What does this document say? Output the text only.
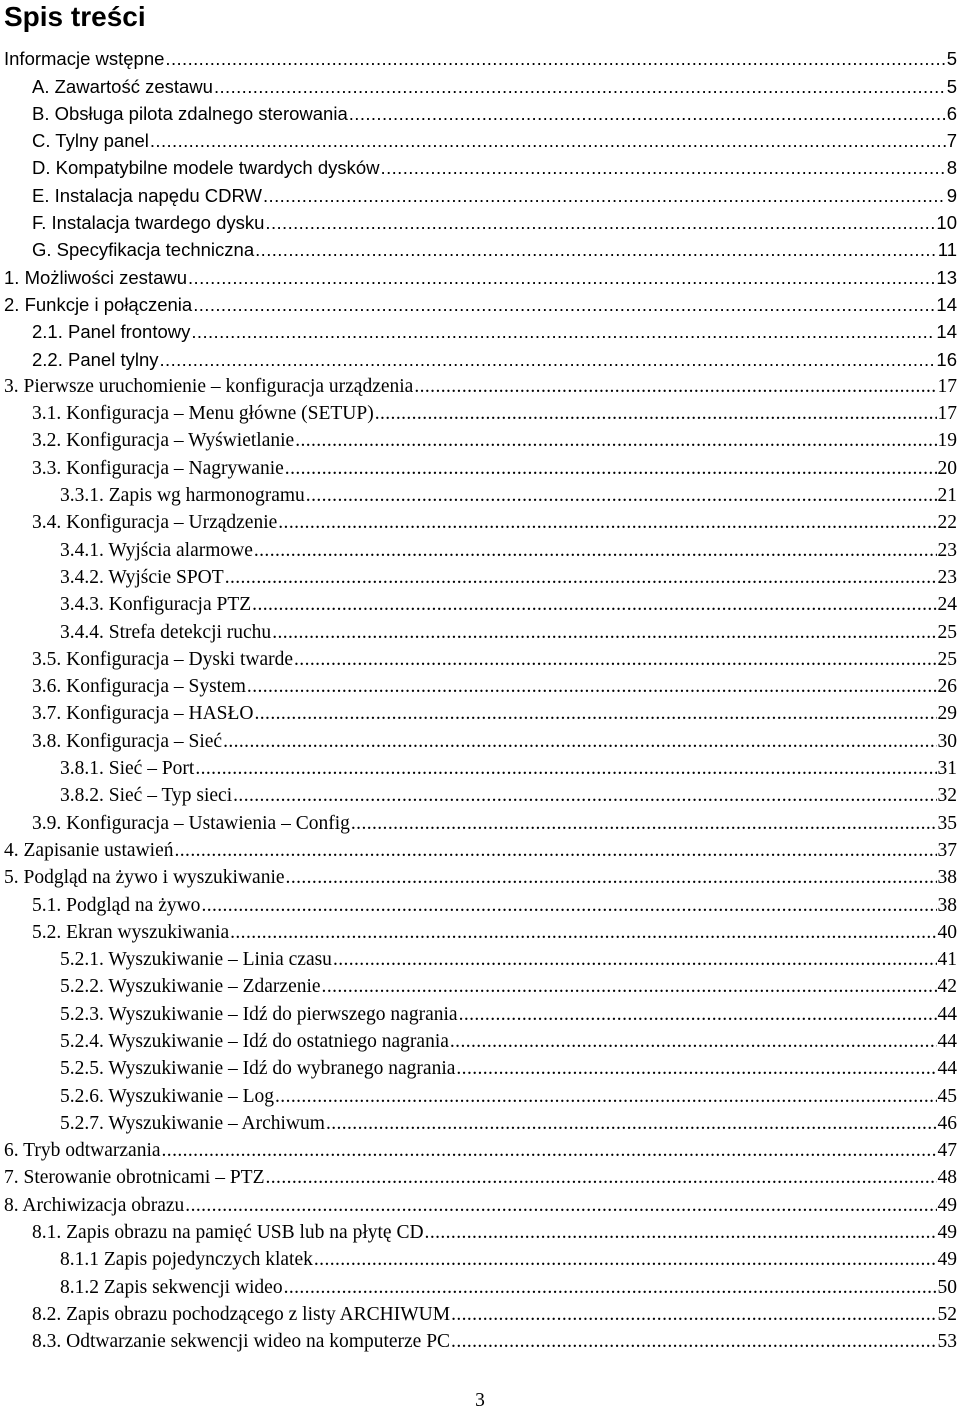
Spis treści
Informacje wstępne .....	5
A. Zawartość zestawu .....	5
B. Obsługa pilota zdalnego sterowania .....	6
C. Tylny panel .....	7
D. Kompatybilne modele twardych dysków .....	8
E. Instalacja napędu CDRW .....	9
F. Instalacja twardego dysku .....	10
G. Specyfikacja techniczna .....	11
1. Możliwości zestawu .....	13
2. Funkcje i połączenia .....	14
2.1. Panel frontowy .....	14
2.2. Panel tylny .....	16
3. Pierwsze uruchomienie – konfiguracja urządzenia .....	17
3.1. Konfiguracja – Menu główne (SETUP) .....	17
3.2. Konfiguracja – Wyświetlanie .....	19
3.3. Konfiguracja – Nagrywanie .....	20
3.3.1. Zapis wg harmonogramu .....	21
3.4. Konfiguracja – Urządzenie .....	22
3.4.1. Wyjścia alarmowe .....	23
3.4.2. Wyjście SPOT .....	23
3.4.3. Konfiguracja PTZ .....	24
3.4.4. Strefa detekcji ruchu .....	25
3.5. Konfiguracja – Dyski twarde .....	25
3.6. Konfiguracja – System .....	26
3.7. Konfiguracja – HASŁO .....	29
3.8. Konfiguracja – Sieć .....	30
3.8.1. Sieć – Port .....	31
3.8.2. Sieć – Typ sieci .....	32
3.9. Konfiguracja – Ustawienia – Config .....	35
4. Zapisanie ustawień .....	37
5. Podgląd na żywo i wyszukiwanie .....	38
5.1. Podgląd na żywo .....	38
5.2. Ekran wyszukiwania .....	40
5.2.1. Wyszukiwanie – Linia czasu .....	41
5.2.2. Wyszukiwanie – Zdarzenie .....	42
5.2.3. Wyszukiwanie – Idź do pierwszego nagrania .....	44
5.2.4. Wyszukiwanie – Idź do ostatniego nagrania .....	44
5.2.5. Wyszukiwanie – Idź do wybranego nagrania .....	44
5.2.6. Wyszukiwanie – Log .....	45
5.2.7. Wyszukiwanie – Archiwum .....	46
6. Tryb odtwarzania .....	47
7. Sterowanie obrotnicami – PTZ .....	48
8. Archiwizacja obrazu .....	49
8.1. Zapis obrazu na pamięć USB lub na płytę CD .....	49
8.1.1 Zapis pojedynczych klatek .....	49
8.1.2 Zapis sekwencji wideo .....	50
8.2. Zapis obrazu pochodzącego z listy ARCHIWUM .....	52
8.3. Odtwarzanie sekwencji wideo na komputerze PC .....	53
3
